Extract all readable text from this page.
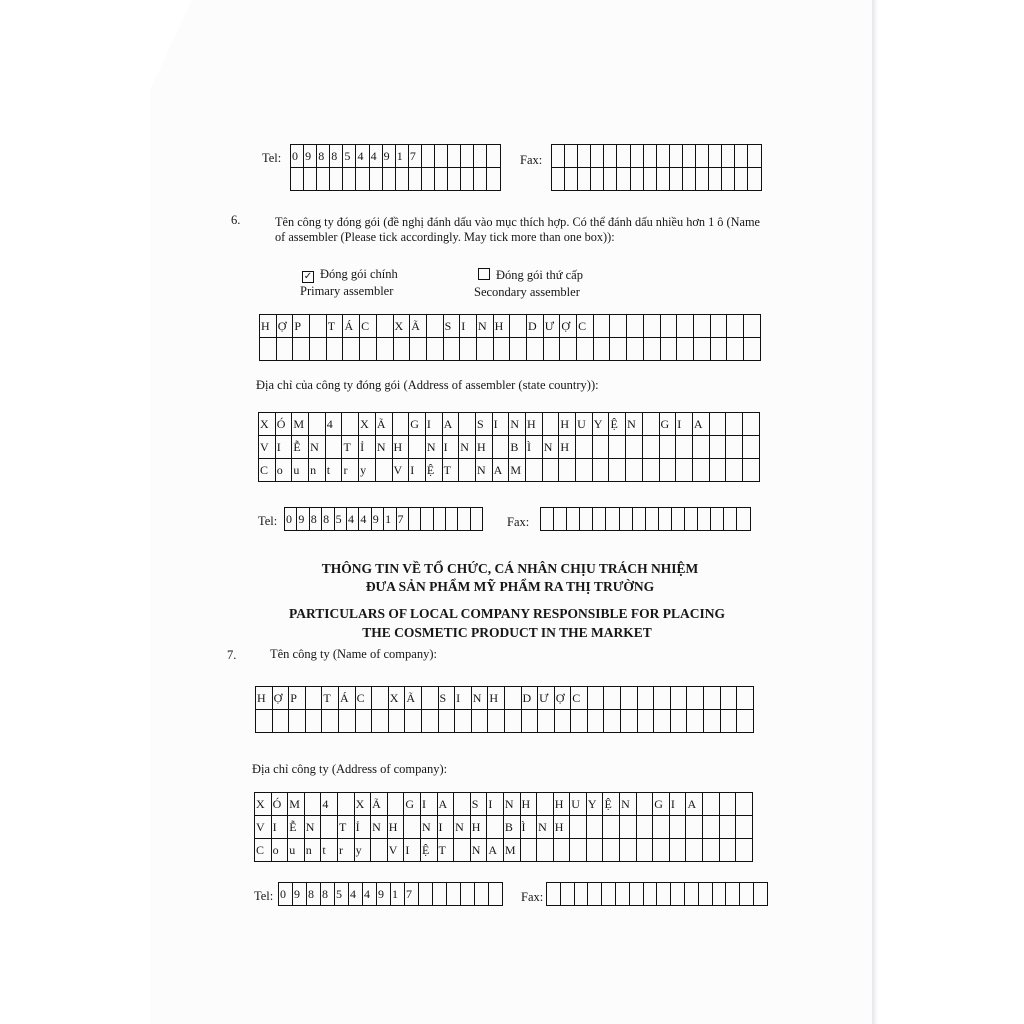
Tel: 0 9 8 8 5 4 4 9 1 7	Fax:
6.	Tên công ty đóng gói (đề nghị đánh dấu vào mục thích hợp. Có thể đánh dấu nhiều hơn 1 ô (Name
of assembler (Please tick accordingly. May tick more than one box)):
✓ Đóng gói chính
Primary assembler
Đóng gói thứ cấp
Secondary assembler
H Ợ P	T Á C	X Ã	S I	N H	D Ư Ợ C
Địa chỉ của công ty đóng gói (Address of assembler (state country)):
X Ó M	4	X Ã	G I	A	S I	N H	H U Y Ệ N	G I	A
V I	Ễ N	T Ỉ	N H	N I	N H	B Ì	N H
C o u n t	r	y	V I	Ệ T	N A M
Tel: 0 9 8 8 5 4 4 9 1 7	Fax:
THÔNG TIN VỀ TỔ CHỨC, CÁ NHÂN CHỊU TRÁCH NHIỆM
ĐƯA SẢN PHẨM MỸ PHẨM RA THỊ TRƯỜNG
PARTICULARS OF LOCAL COMPANY RESPONSIBLE FOR PLACING
THE COSMETIC PRODUCT IN THE MARKET
7.	Tên công ty (Name of company):
H Ợ P	T Á C	X Ã	S I	N H	D Ư Ợ C
Địa chỉ công ty (Address of company):
X Ó M	4	X Ã	G I	A	S I	N H	H U Y Ệ N	G I	A
V I	Ễ N	T Ỉ	N H	N I	N H	B Ì	N H
C o u n t	r	y	V I	Ệ T	N A M
Tel: 0 9 8 8 5 4 4 9 1 7	Fax:
